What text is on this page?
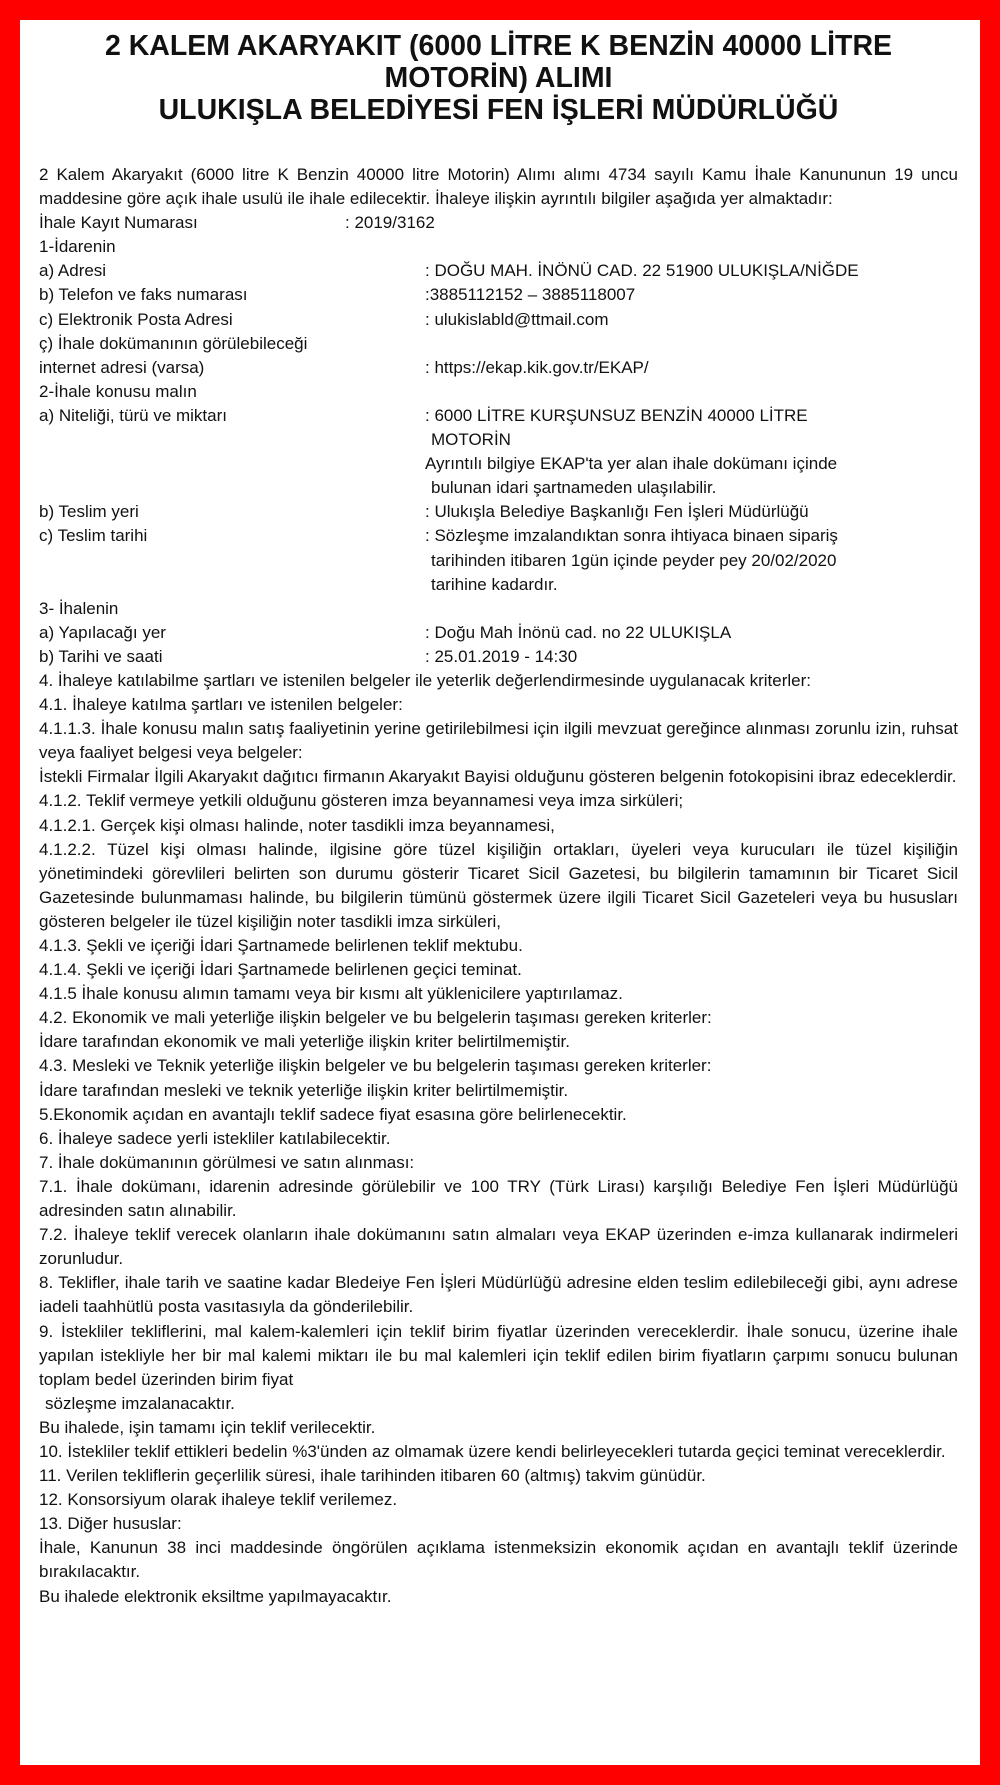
2 KALEM AKARYAKIT (6000 LİTRE K BENZİN 40000 LİTRE
MOTORİN) ALIMI
ULUKIŞLA BELEDİYESİ FEN İŞLERİ MÜDÜRLÜĞÜ

2 Kalem Akaryakıt (6000 litre K Benzin 40000 litre Motorin) Alımı alımı 4734 sayılı Kamu İhale Kanununun 19 uncu maddesine göre açık ihale usulü ile ihale edilecektir. İhaleye ilişkin ayrıntılı bilgiler aşağıda yer almaktadır:

İhale Kayıt Numarası	: 2019/3162
1-İdarenin
a) Adresi	: DOĞU MAH. İNÖNÜ CAD. 22 51900 ULUKIŞLA/NİĞDE
b) Telefon ve faks numarası	:3885112152 – 3885118007
c) Elektronik Posta Adresi	: ulukislabld@ttmail.com
ç) İhale dokümanının görülebileceği
internet adresi (varsa)	: https://ekap.kik.gov.tr/EKAP/
2-İhale konusu malın
a) Niteliği, türü ve miktarı	: 6000 LİTRE KURŞUNSUZ BENZİN 40000 LİTRE
MOTORİN
Ayrıntılı bilgiye EKAP'ta yer alan ihale dokümanı içinde
bulunan idari şartnameden ulaşılabilir.
b) Teslim yeri	: Ulukışla Belediye Başkanlığı Fen İşleri Müdürlüğü
c) Teslim tarihi	: Sözleşme imzalandıktan sonra ihtiyaca binaen sipariş
tarihinden itibaren 1gün içinde peyder pey 20/02/2020
tarihine kadardır.
3- İhalenin
a) Yapılacağı yer	: Doğu Mah İnönü cad. no 22 ULUKIŞLA
b) Tarihi ve saati	: 25.01.2019 - 14:30

4. İhaleye katılabilme şartları ve istenilen belgeler ile yeterlik değerlendirmesinde uygulanacak kriterler:

4.1. İhaleye katılma şartları ve istenilen belgeler:

4.1.1.3. İhale konusu malın satış faaliyetinin yerine getirilebilmesi için ilgili mevzuat gereğince alınması zorunlu izin, ruhsat veya faaliyet belgesi veya belgeler:

İstekli Firmalar İlgili Akaryakıt dağıtıcı firmanın Akaryakıt Bayisi olduğunu gösteren belgenin fotokopisini ibraz edeceklerdir.

4.1.2. Teklif vermeye yetkili olduğunu gösteren imza beyannamesi veya imza sirküleri;

4.1.2.1. Gerçek kişi olması halinde, noter tasdikli imza beyannamesi,

4.1.2.2. Tüzel kişi olması halinde, ilgisine göre tüzel kişiliğin ortakları, üyeleri veya kurucuları ile tüzel kişiliğin yönetimindeki görevlileri belirten son durumu gösterir Ticaret Sicil Gazetesi, bu bilgilerin tamamının bir Ticaret Sicil Gazetesinde bulunmaması halinde, bu bilgilerin tümünü göstermek üzere ilgili Ticaret Sicil Gazeteleri veya bu hususları gösteren belgeler ile tüzel kişiliğin noter tasdikli imza sirküleri,

4.1.3. Şekli ve içeriği İdari Şartnamede belirlenen teklif mektubu.

4.1.4. Şekli ve içeriği İdari Şartnamede belirlenen geçici teminat.

4.1.5 İhale konusu alımın tamamı veya bir kısmı alt yüklenicilere yaptırılamaz.

4.2. Ekonomik ve mali yeterliğe ilişkin belgeler ve bu belgelerin taşıması gereken kriterler:

İdare tarafından ekonomik ve mali yeterliğe ilişkin kriter belirtilmemiştir.

4.3. Mesleki ve Teknik yeterliğe ilişkin belgeler ve bu belgelerin taşıması gereken kriterler:

İdare tarafından mesleki ve teknik yeterliğe ilişkin kriter belirtilmemiştir.

5.Ekonomik açıdan en avantajlı teklif sadece fiyat esasına göre belirlenecektir.

6. İhaleye sadece yerli istekliler katılabilecektir.

7. İhale dokümanının görülmesi ve satın alınması:

7.1. İhale dokümanı, idarenin adresinde görülebilir ve 100 TRY (Türk Lirası) karşılığı Belediye Fen İşleri Müdürlüğü adresinden satın alınabilir.

7.2. İhaleye teklif verecek olanların ihale dokümanını satın almaları veya EKAP üzerinden e-imza kullanarak indirmeleri zorunludur.

8. Teklifler, ihale tarih ve saatine kadar Bledeiye Fen İşleri Müdürlüğü adresine elden teslim edilebileceği gibi, aynı adrese iadeli taahhütlü posta vasıtasıyla da gönderilebilir.

9. İstekliler tekliflerini, mal kalem-kalemleri için teklif birim fiyatlar üzerinden vereceklerdir. İhale sonucu, üzerine ihale yapılan istekliyle her bir mal kalemi miktarı ile bu mal kalemleri için teklif edilen birim fiyatların çarpımı sonucu bulunan toplam bedel üzerinden birim fiyat

sözleşme imzalanacaktır.

Bu ihalede, işin tamamı için teklif verilecektir.

10. İstekliler teklif ettikleri bedelin %3'ünden az olmamak üzere kendi belirleyecekleri tutarda geçici teminat vereceklerdir.

11. Verilen tekliflerin geçerlilik süresi, ihale tarihinden itibaren 60 (altmış) takvim günüdür.

12. Konsorsiyum olarak ihaleye teklif verilemez.

13. Diğer hususlar:

İhale, Kanunun 38 inci maddesinde öngörülen açıklama istenmeksizin ekonomik açıdan en avantajlı teklif üzerinde bırakılacaktır.

Bu ihalede elektronik eksiltme yapılmayacaktır.
